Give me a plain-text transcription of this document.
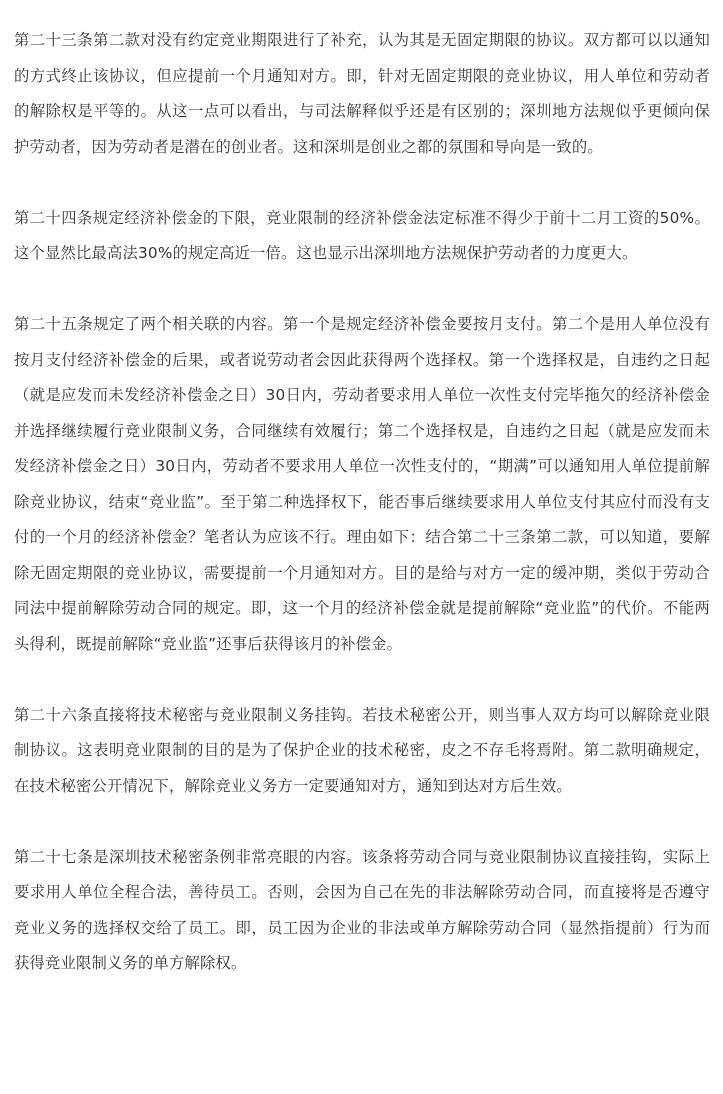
第二十三条第二款对没有约定竞业期限进行了补充，认为其是无固定期限的协议。双方都可以以通知的方式终止该协议，但应提前一个月通知对方。即，针对无固定期限的竞业协议，用人单位和劳动者的解除权是平等的。从这一点可以看出，与司法解释似乎还是有区别的；深圳地方法规似乎更倾向保护劳动者，因为劳动者是潜在的创业者。这和深圳是创业之都的氛围和导向是一致的。

第二十四条规定经济补偿金的下限，竞业限制的经济补偿金法定标准不得少于前十二月工资的50%。这个显然比最高法30%的规定高近一倍。这也显示出深圳地方法规保护劳动者的力度更大。

第二十五条规定了两个相关联的内容。第一个是规定经济补偿金要按月支付。第二个是用人单位没有按月支付经济补偿金的后果，或者说劳动者会因此获得两个选择权。第一个选择权是，自违约之日起（就是应发而未发经济补偿金之日）30日内，劳动者要求用人单位一次性支付完毕拖欠的经济补偿金并选择继续履行竞业限制义务，合同继续有效履行；第二个选择权是，自违约之日起（就是应发而未发经济补偿金之日）30日内，劳动者不要求用人单位一次性支付的，“期满”可以通知用人单位提前解除竞业协议，结束“竞业监”。至于第二种选择权下，能否事后继续要求用人单位支付其应付而没有支付的一个月的经济补偿金？笔者认为应该不行。理由如下：结合第二十三条第二款，可以知道，要解除无固定期限的竞业协议，需要提前一个月通知对方。目的是给与对方一定的缓冲期，类似于劳动合同法中提前解除劳动合同的规定。即，这一个月的经济补偿金就是提前解除“竞业监”的代价。不能两头得利，既提前解除“竞业监”还事后获得该月的补偿金。

第二十六条直接将技术秘密与竞业限制义务挂钩。若技术秘密公开，则当事人双方均可以解除竞业限制协议。这表明竞业限制的目的是为了保护企业的技术秘密，皮之不存毛将焉附。第二款明确规定，在技术秘密公开情况下，解除竞业义务方一定要通知对方，通知到达对方后生效。

第二十七条是深圳技术秘密条例非常亮眼的内容。该条将劳动合同与竞业限制协议直接挂钩，实际上要求用人单位全程合法，善待员工。否则，会因为自己在先的非法解除劳动合同，而直接将是否遵守竞业义务的选择权交给了员工。即，员工因为企业的非法或单方解除劳动合同（显然指提前）行为而获得竞业限制义务的单方解除权。
